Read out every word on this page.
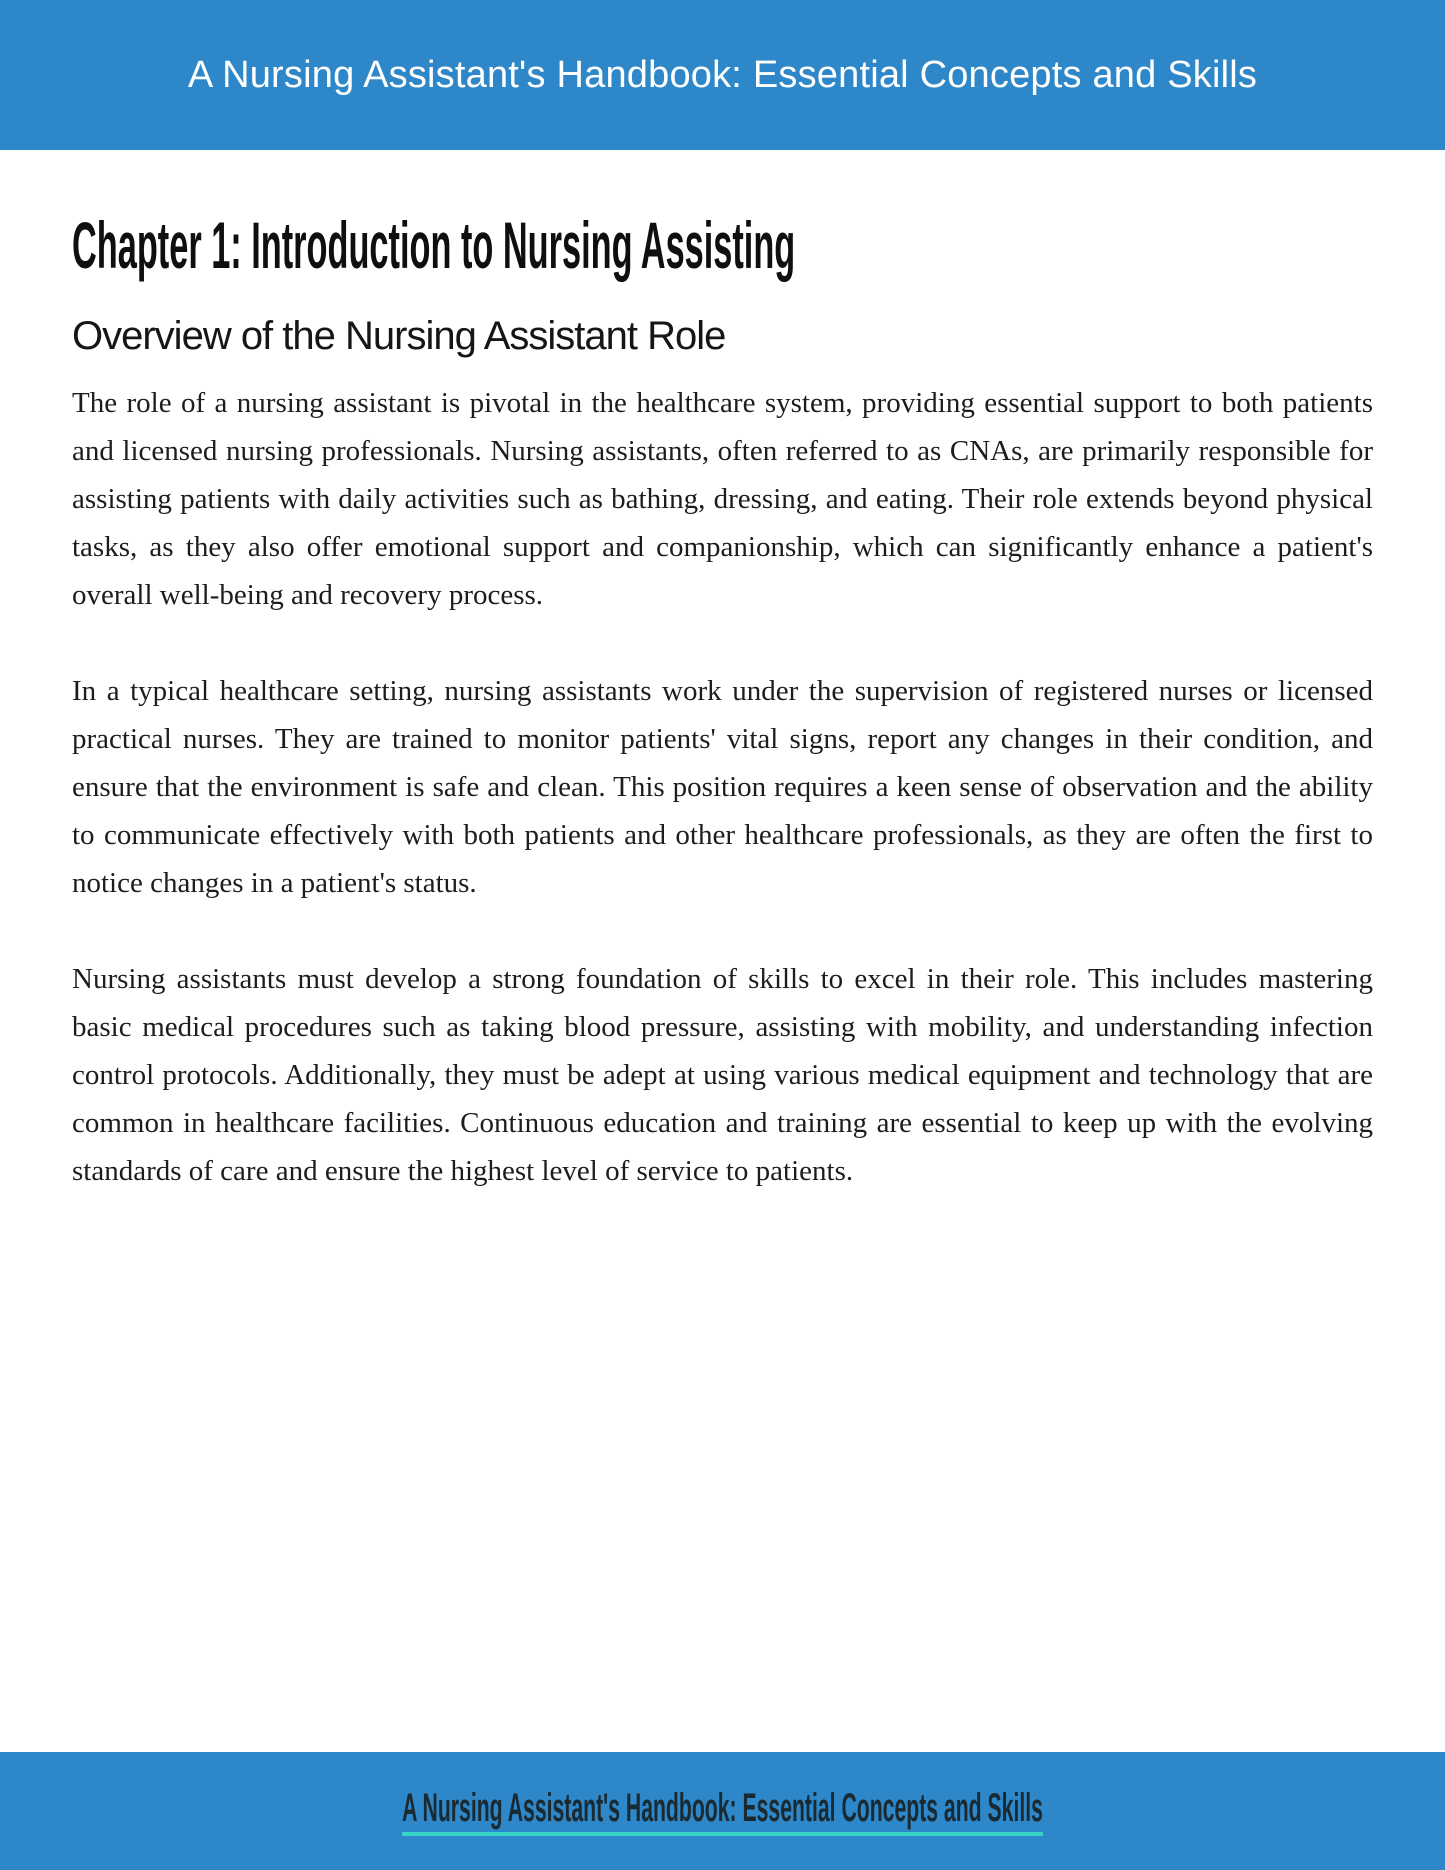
A Nursing Assistant's Handbook: Essential Concepts and Skills
Chapter 1: Introduction to Nursing Assisting
Overview of the Nursing Assistant Role

The role of a nursing assistant is pivotal in the healthcare system, providing essential support to both patients and licensed nursing professionals. Nursing assistants, often referred to as CNAs, are primarily responsible for assisting patients with daily activities such as bathing, dressing, and eating. Their role extends beyond physical tasks, as they also offer emotional support and companionship, which can significantly enhance a patient's overall well-being and recovery process.

In a typical healthcare setting, nursing assistants work under the supervision of registered nurses or licensed practical nurses. They are trained to monitor patients' vital signs, report any changes in their condition, and ensure that the environment is safe and clean. This position requires a keen sense of observation and the ability to communicate effectively with both patients and other healthcare professionals, as they are often the first to notice changes in a patient's status.

Nursing assistants must develop a strong foundation of skills to excel in their role. This includes mastering basic medical procedures such as taking blood pressure, assisting with mobility, and understanding infection control protocols. Additionally, they must be adept at using various medical equipment and technology that are common in healthcare facilities. Continuous education and training are essential to keep up with the evolving standards of care and ensure the highest level of service to patients.

A Nursing Assistant's Handbook: Essential Concepts and Skills
